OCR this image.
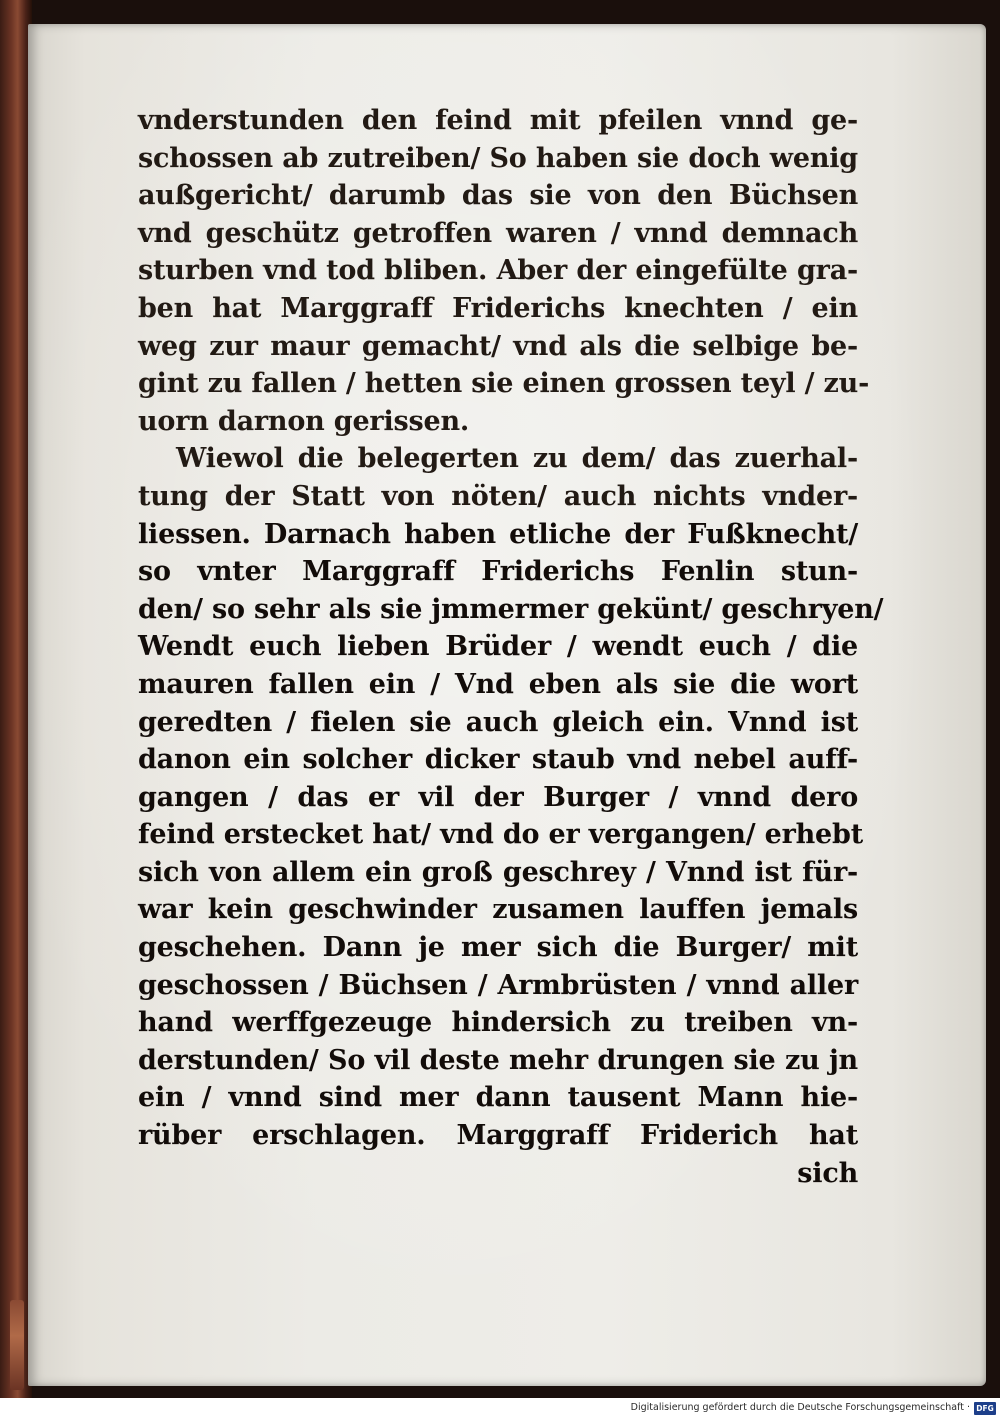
vnderstunden den feind mit pfeilen vnnd ge-
schossen ab zutreiben/ So haben sie doch wenig
außgericht/ darumb das sie von den Büchsen
vnd geschütz getroffen waren / vnnd demnach
sturben vnd tod bliben. Aber der eingefülte gra-
ben hat Marggraff Friderichs knechten / ein
weg zur maur gemacht/ vnd als die selbige be-
gint zu fallen / hetten sie einen grossen teyl / zu-
uorn darnon gerissen.
Wiewol die belegerten zu dem/ das zuerhal-
tung der Statt von nöten/ auch nichts vnder-
liessen. Darnach haben etliche der Fußknecht/
so vnter Marggraff Friderichs Fenlin stun-
den/ so sehr als sie jmmermer gekünt/ geschryen/
Wendt euch lieben Brüder / wendt euch / die
mauren fallen ein / Vnd eben als sie die wort
geredten / fielen sie auch gleich ein. Vnnd ist
danon ein solcher dicker staub vnd nebel auff-
gangen / das er vil der Burger / vnnd dero
feind erstecket hat/ vnd do er vergangen/ erhebt
sich von allem ein groß geschrey / Vnnd ist für-
war kein geschwinder zusamen lauffen jemals
geschehen. Dann je mer sich die Burger/ mit
geschossen / Büchsen / Armbrüsten / vnnd aller
hand werffgezeuge hindersich zu treiben vn-
derstunden/ So vil deste mehr drungen sie zu jn
ein / vnnd sind mer dann tausent Mann hie-
rüber erschlagen. Marggraff Friderich hat
sich
Digitalisierung gefördert durch die Deutsche Forschungsgemeinschaft · DFG
